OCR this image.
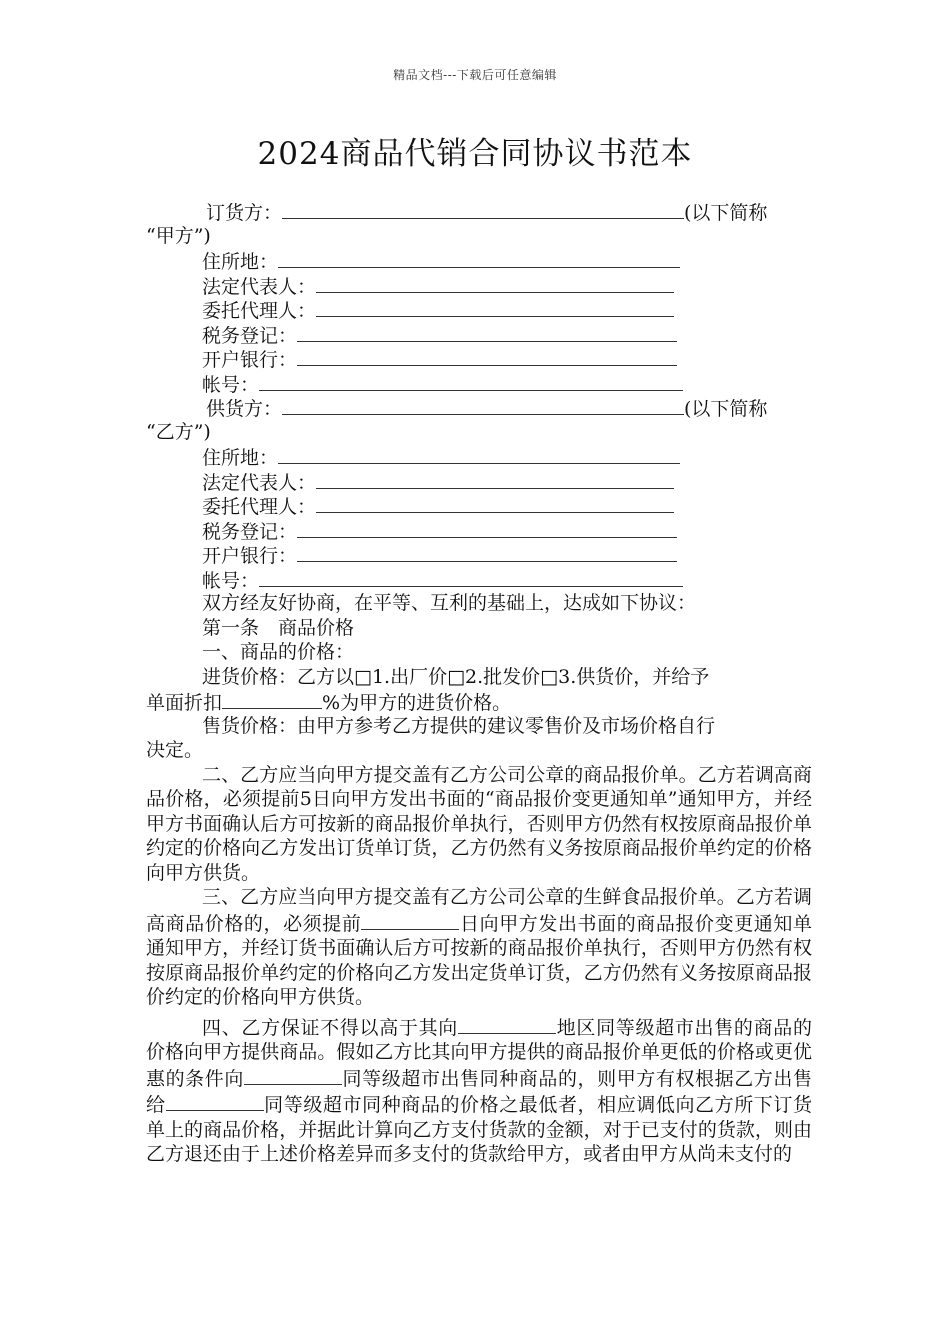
精品文档---下载后可任意编辑
2024商品代销合同协议书范本
订货方：	(以下简称
“甲方”)
住所地：
法定代表人：
委托代理人：
税务登记：
开户银行：
帐号：
供货方：	(以下简称
“乙方”)
住所地：
法定代表人：
委托代理人：
税务登记：
开户银行：
帐号：
双方经友好协商，在平等、互利的基础上，达成如下协议：
第一条　商品价格
一、商品的价格：
进货价格：乙方以□1.出厂价□2.批发价□3.供货价，并给予
单面折扣	%为甲方的进货价格。
售货价格：由甲方参考乙方提供的建议零售价及市场价格自行
决定。
二、乙方应当向甲方提交盖有乙方公司公章的商品报价单。乙方若调高商品价格，必须提前5日向甲方发出书面的“商品报价变更通知单”通知甲方，并经甲方书面确认后方可按新的商品报价单执行，否则甲方仍然有权按原商品报价单约定的价格向乙方发出订货单订货，乙方仍然有义务按原商品报价单约定的价格向甲方供货。
三、乙方应当向甲方提交盖有乙方公司公章的生鲜食品报价单。乙方若调高商品价格的，必须提前	日向甲方发出书面的商品报价变更通知单通知甲方，并经订货书面确认后方可按新的商品报价单执行，否则甲方仍然有权按原商品报价单约定的价格向乙方发出定货单订货，乙方仍然有义务按原商品报价约定的价格向甲方供货。
四、乙方保证不得以高于其向	地区同等级超市出售的商品的价格向甲方提供商品。假如乙方比其向甲方提供的商品报价单更低的价格或更优惠的条件向	同等级超市出售同种商品的，则甲方有权根据乙方出售给	同等级超市同种商品的价格之最低者，相应调低向乙方所下订货单上的商品价格，并据此计算向乙方支付货款的金额，对于已支付的货款，则由乙方退还由于上述价格差异而多支付的货款给甲方，或者由甲方从尚未支付的
